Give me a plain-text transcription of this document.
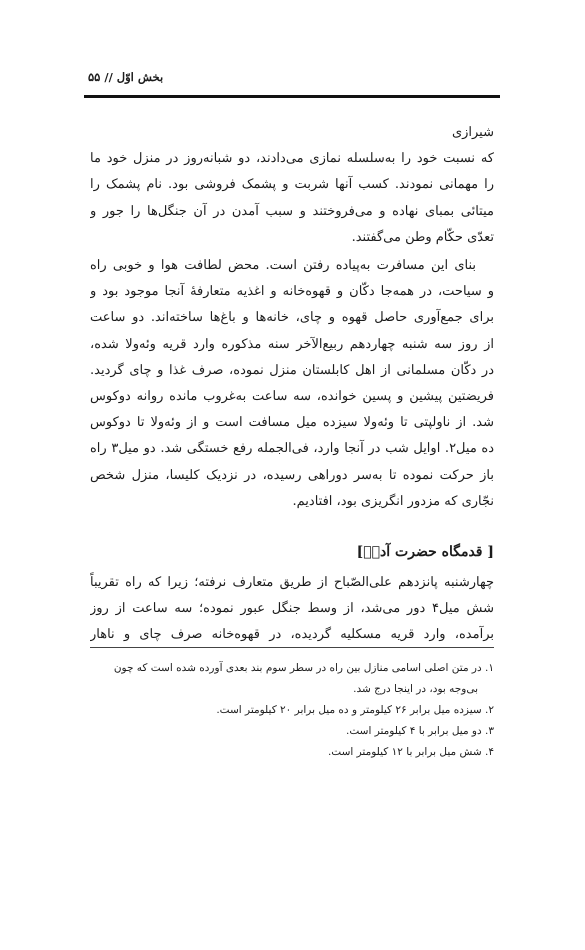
بخش اوّل // ۵۵
شیرازی
که نسبت خود را به‌سلسله نمازی می‌دادند، دو شبانه‌روز در منزل خود ما
را مهمانی نمودند. کسب آنها شربت و پشمک فروشی بود. نام پشمک را
میتائی بمبای نهاده و می‌فروختند و سبب آمدن در آن جنگل‌ها را جور و
تعدّی حکّام وطن می‌گفتند.
بنای این مسافرت به‌پیاده رفتن است. محض لطافت هوا و خوبی راه
و سیاحت، در همه‌جا دکّان و قهوه‌خانه و اغذیه متعارفهٔ آنجا موجود بود و
برای جمع‌آوری حاصل قهوه و چای، خانه‌ها و باغ‌ها ساخته‌اند. دو ساعت
از روز سه شنبه چهاردهم ربیع‌الآخر سنه مذکوره وارد قریه وئه‌ولا شده،
در دکّان مسلمانی از اهل کابلستان منزل نموده، صرف غذا و چای گردید.
فریضتین پیشین و پسین خوانده، سه ساعت به‌غروب مانده روانه دوکوس
شد. از ناولپتی تا وئه‌ولا سیزده میل مسافت است و از وئه‌ولا تا دوکوس
ده میل۲. اوایل شب در آنجا وارد، فی‌الجمله رفع خستگی شد. دو میل۳ راه
باز حرکت نموده تا به‌سر دوراهی رسیده، در نزدیک کلیسا، منزل شخص
نجّاری که مزدور انگریزی بود، افتادیم.
[ قدمگاه حضرت آدمؑ]
چهارشنبه پانزدهم علی‌الصّباح از طریق متعارف نرفته؛ زیرا که راه تقریباً
شش میل۴ دور می‌شد، از وسط جنگل عبور نموده؛ سه ساعت از روز
برآمده، وارد قریه مسکلیه گردیده، در قهوه‌خانه صرف چای و ناهار
۱. در متن اصلی اسامی منازل بین راه در سطر سوم بند بعدی آورده شده است که چون
بی‌وجه بود، در اینجا درج شد.
۲. سیزده میل برابر ۲۶ کیلومتر و ده میل برابر ۲۰ کیلومتر است.
۳. دو میل برابر با ۴ کیلومتر است.
۴. شش میل برابر با ۱۲ کیلومتر است.
